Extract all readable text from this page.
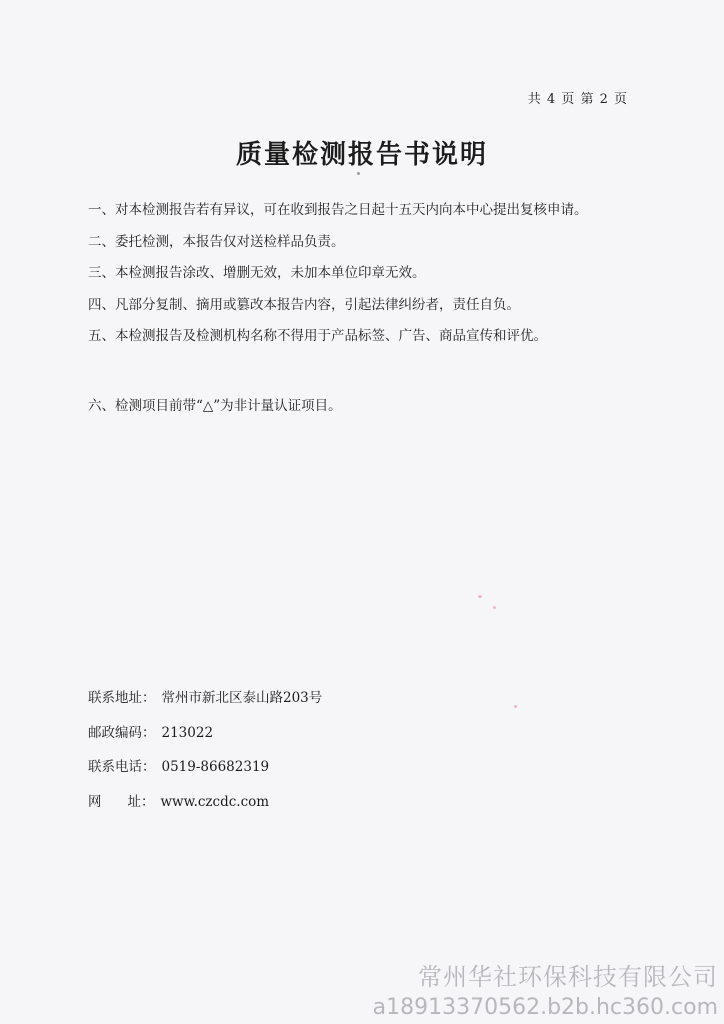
共 4 页 第 2 页
质量检测报告书说明
一、对本检测报告若有异议，可在收到报告之日起十五天内向本中心提出复核申请。
二、委托检测，本报告仅对送检样品负责。
三、本检测报告涂改、增删无效，未加本单位印章无效。
四、凡部分复制、摘用或篡改本报告内容，引起法律纠纷者，责任自负。
五、本检测报告及检测机构名称不得用于产品标签、广告、商品宣传和评优。
六、检测项目前带“△”为非计量认证项目。
联系地址： 常州市新北区泰山路203号
邮政编码： 213022
联系电话： 0519-86682319
网 址： www.czcdc.com
常州华社环保科技有限公司
a18913370562.b2b.hc360.com
